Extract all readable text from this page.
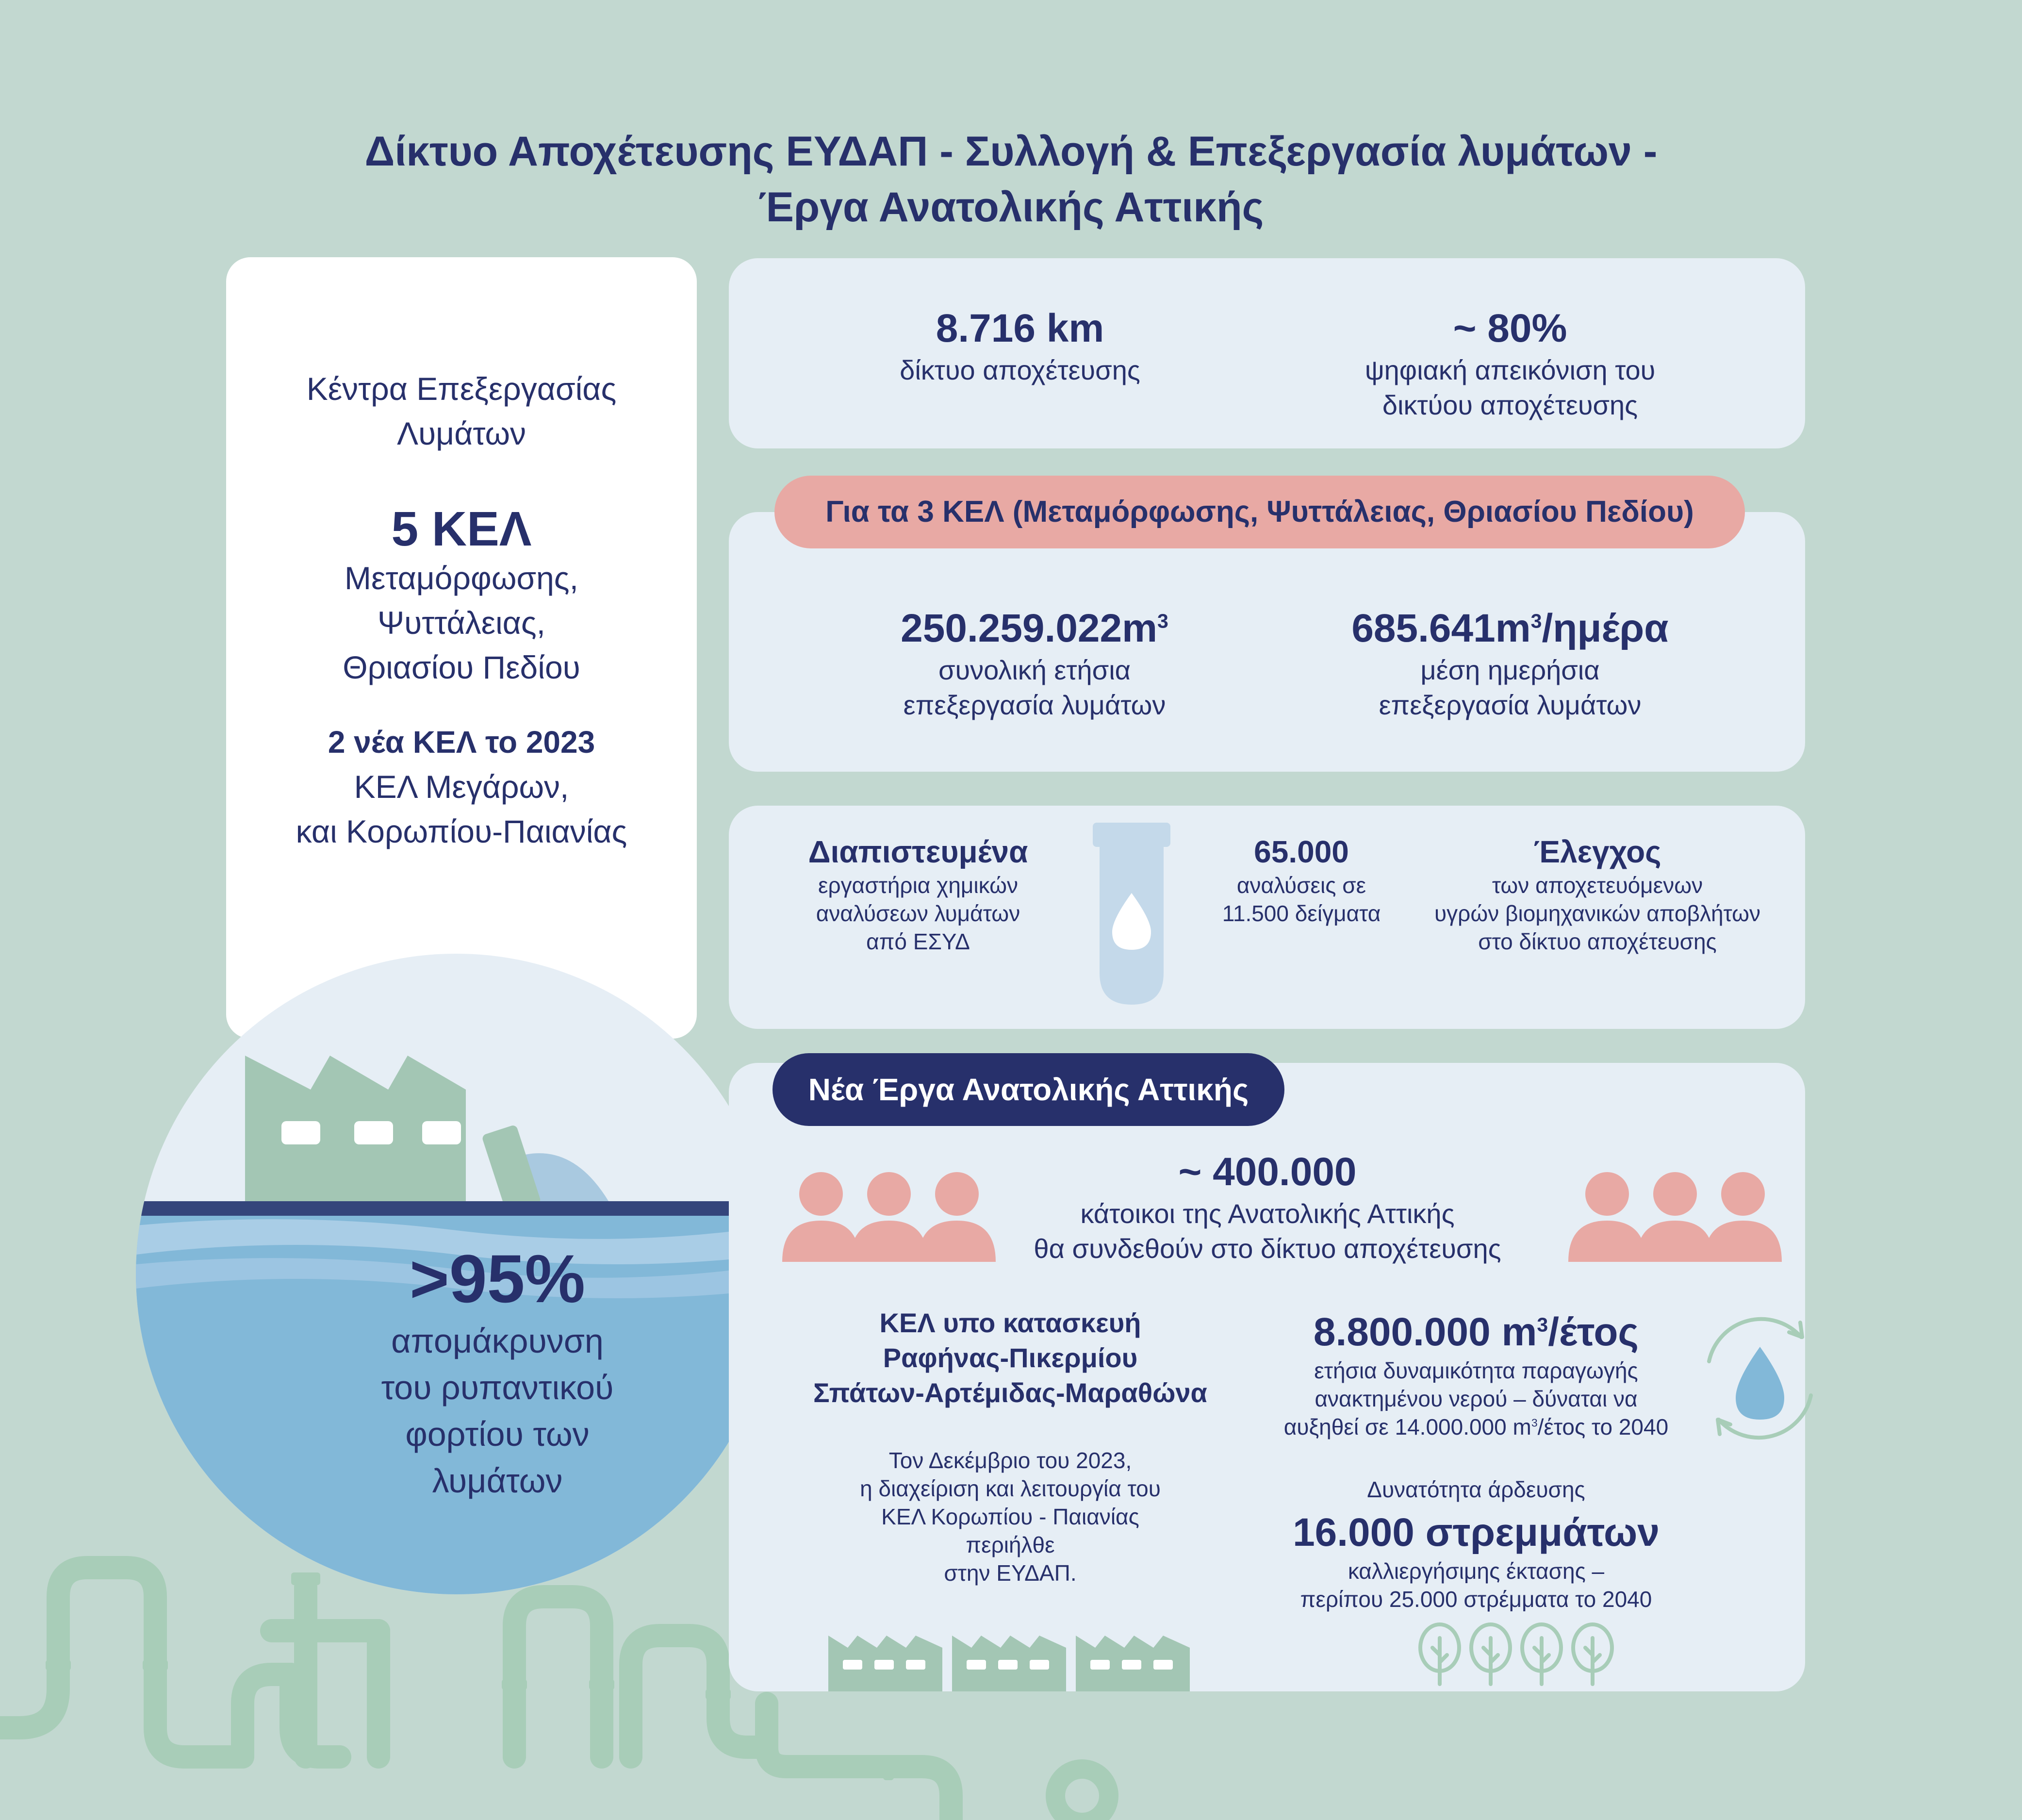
Δίκτυο Αποχέτευσης ΕΥΔΑΠ - Συλλογή & Επεξεργασία λυμάτων -
Έργα Ανατολικής Αττικής
Κέντρα Επεξεργασίας
Λυμάτων
5 ΚΕΛ
Μεταμόρφωσης,
Ψυττάλειας,
Θριασίου Πεδίου
2 νέα ΚΕΛ το 2023
ΚΕΛ Μεγάρων,
και Κορωπίου-Παιανίας
>95%
απομάκρυνση
του ρυπαντικού
φορτίου των
λυμάτων
8.716 km
δίκτυο αποχέτευσης
~ 80%
ψηφιακή απεικόνιση του
δικτύου αποχέτευσης
$250.259.022m^3$
συνολική ετήσια
επεξεργασία λυμάτων
$685.641m^3$/ημέρα
μέση ημερήσια
επεξεργασία λυμάτων
Για τα 3 ΚΕΛ (Μεταμόρφωσης, Ψυττάλειας, Θριασίου Πεδίου)
Διαπιστευμένα
εργαστήρια χημικών
αναλύσεων λυμάτων
από ΕΣΥΔ
65.000
αναλύσεις σε
11.500 δείγματα
Έλεγχος
των αποχετευόμενων
υγρών βιομηχανικών αποβλήτων
στο δίκτυο αποχέτευσης
~ 400.000
κάτοικοι της Ανατολικής Αττικής
θα συνδεθούν στο δίκτυο αποχέτευσης
ΚΕΛ υπο κατασκευή
Ραφήνας-Πικερμίου
Σπάτων-Αρτέμιδας-Μαραθώνα
Τον Δεκέμβριο του 2023,
η διαχείριση και λειτουργία του
ΚΕΛ Κορωπίου - Παιανίας
περιήλθε
στην ΕΥΔΑΠ.
8.800.000 $m^3$/έτος
ετήσια δυναμικότητα παραγωγής
ανακτημένου νερού – δύναται να
αυξηθεί σε 14.000.000 $m^3$/έτος το 2040
Δυνατότητα άρδευσης
16.000 στρεμμάτων
καλλιεργήσιμης έκτασης –
περίπου 25.000 στρέμματα το 2040
Νέα Έργα Ανατολικής Αττικής
